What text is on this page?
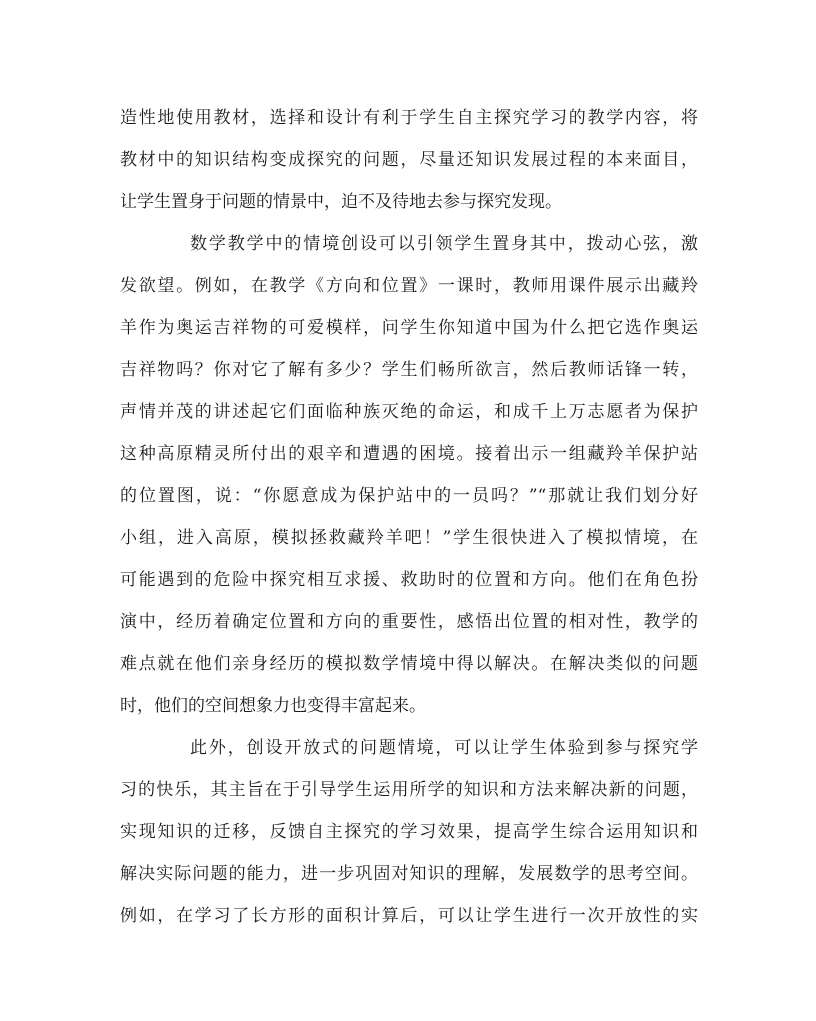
造性地使用教材，选择和设计有利于学生自主探究学习的教学内容，将
教材中的知识结构变成探究的问题，尽量还知识发展过程的本来面目，
让学生置身于问题的情景中，迫不及待地去参与探究发现。
数学教学中的情境创设可以引领学生置身其中，拨动心弦，激
发欲望。例如，在教学《方向和位置》一课时，教师用课件展示出藏羚
羊作为奥运吉祥物的可爱模样，问学生你知道中国为什么把它选作奥运
吉祥物吗？你对它了解有多少？学生们畅所欲言，然后教师话锋一转，
声情并茂的讲述起它们面临种族灭绝的命运，和成千上万志愿者为保护
这种高原精灵所付出的艰辛和遭遇的困境。接着出示一组藏羚羊保护站
的位置图，说：“你愿意成为保护站中的一员吗？”“那就让我们划分好
小组，进入高原，模拟拯救藏羚羊吧！”学生很快进入了模拟情境，在
可能遇到的危险中探究相互求援、救助时的位置和方向。他们在角色扮
演中，经历着确定位置和方向的重要性，感悟出位置的相对性，教学的
难点就在他们亲身经历的模拟数学情境中得以解决。在解决类似的问题
时，他们的空间想象力也变得丰富起来。
此外，创设开放式的问题情境，可以让学生体验到参与探究学
习的快乐，其主旨在于引导学生运用所学的知识和方法来解决新的问题，
实现知识的迁移，反馈自主探究的学习效果，提高学生综合运用知识和
解决实际问题的能力，进一步巩固对知识的理解，发展数学的思考空间。
例如，在学习了长方形的面积计算后，可以让学生进行一次开放性的实
